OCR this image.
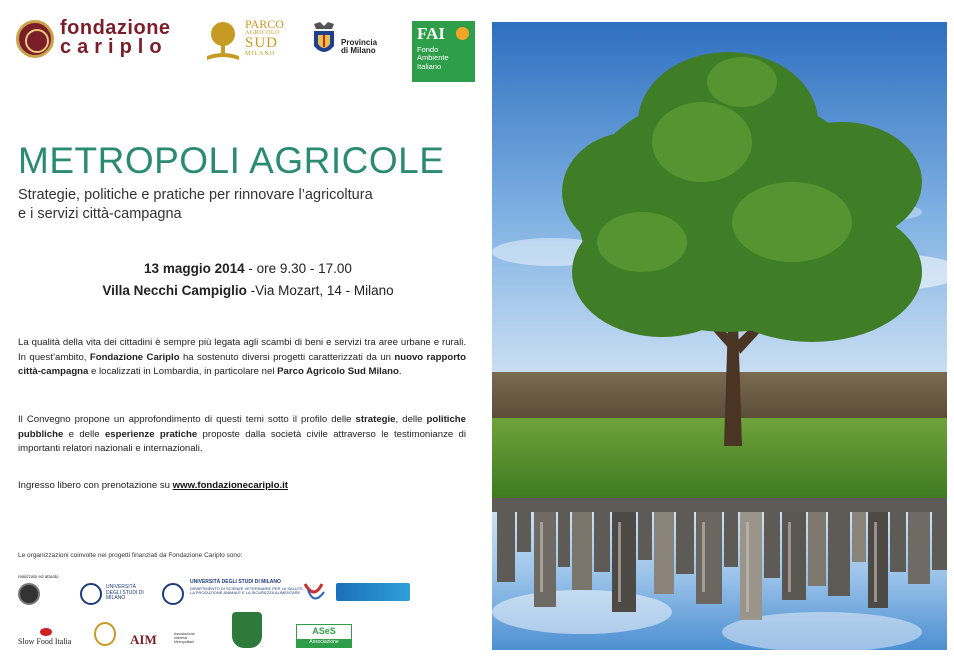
fondazione
cariplo
PARCO
AGRICOLO
SUD
MILANO
Provincia
di Milano
FAI
Fondo
Ambiente
Italiano
METROPOLI AGRICOLE
Strategie, politiche e pratiche per rinnovare l’agricoltura
e i servizi città-campagna
13 maggio 2014 - ore 9.30 - 17.00
Villa Necchi Campiglio -Via Mozart, 14 - Milano

La qualità della vita dei cittadini è sempre più legata agli scambi di beni e servizi tra aree urbane e rurali. In quest’ambito, Fondazione Cariplo ha sostenuto diversi progetti caratterizzati da un nuovo rapporto città-campagna e localizzati in Lombardia, in particolare nel Parco Agricolo Sud Milano.

Il Convegno propone un approfondimento di questi temi sotto il profilo delle strategie, delle politiche pubbliche e delle esperienze pratiche proposte dalla società civile attraverso le testimonianze di importanti relatori nazionali e internazionali.

Ingresso libero con prenotazione su www.fondazionecariplo.it

Le organizzazioni coinvolte nei progetti finanziati da Fondazione Cariplo sono:
realizzato ed attuato
UNIVERSITÀ DEGLI STUDI DI MILANO
UNIVERSITÀ DEGLI STUDI DI MILANO
DIPARTIMENTO DI SCIENZE VETERINARIE PER LA SALUTE, LA PRODUZIONE ANIMALE E LA SICUREZZA ALIMENTARE
Slow Food Italia	AIM	Associazione Interessi Metropolitani
ASeS
Associazione
